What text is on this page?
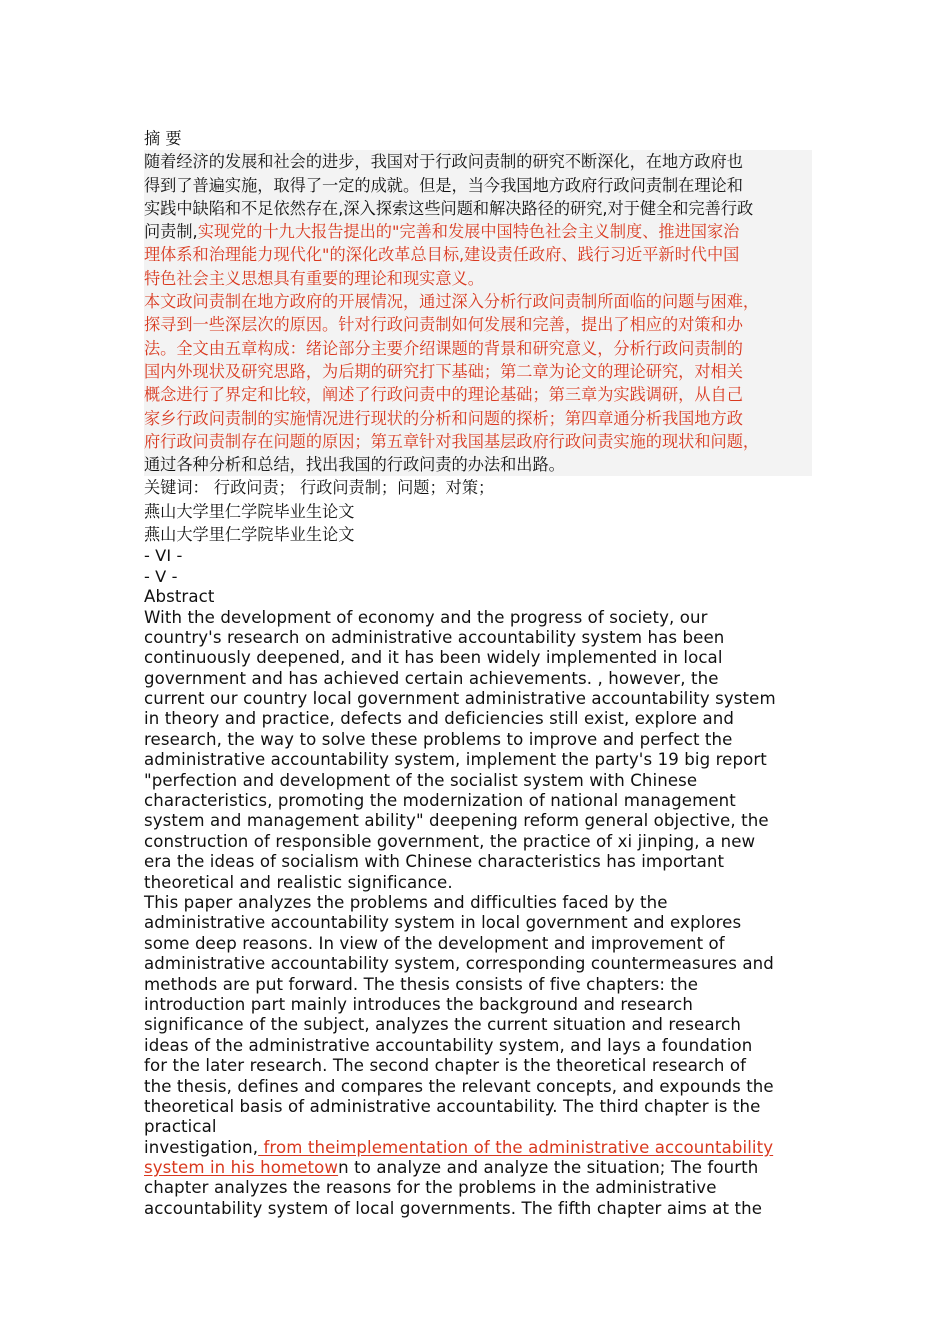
摘 要
随着经济的发展和社会的进步，我国对于行政问责制的研究不断深化，在地方政府也
得到了普遍实施，取得了一定的成就。但是，当今我国地方政府行政问责制在理论和
实践中缺陷和不足依然存在,深入探索这些问题和解决路径的研究,对于健全和完善行政
问责制,实现党的十九大报告提出的"完善和发展中国特色社会主义制度、推进国家治
理体系和治理能力现代化"的深化改革总目标,建设责任政府、践行习近平新时代中国
特色社会主义思想具有重要的理论和现实意义。
本文政问责制在地方政府的开展情况，通过深入分析行政问责制所面临的问题与困难，
探寻到一些深层次的原因。针对行政问责制如何发展和完善，提出了相应的对策和办
法。全文由五章构成：绪论部分主要介绍课题的背景和研究意义，分析行政问责制的
国内外现状及研究思路，为后期的研究打下基础；第二章为论文的理论研究，对相关
概念进行了界定和比较，阐述了行政问责中的理论基础；第三章为实践调研，从自己
家乡行政问责制的实施情况进行现状的分析和问题的探析；第四章通分析我国地方政
府行政问责制存在问题的原因；第五章针对我国基层政府行政问责实施的现状和问题，
通过各种分析和总结，找出我国的行政问责的办法和出路。
关键词： 行政问责； 行政问责制；问题；对策；
燕山大学里仁学院毕业生论文
燕山大学里仁学院毕业生论文
- VI -
- V -
Abstract
With the development of economy and the progress of society, our
country's research on administrative accountability system has been
continuously deepened, and it has been widely implemented in local
government and has achieved certain achievements. , however, the
current our country local government administrative accountability system
in theory and practice, defects and deficiencies still exist, explore and
research, the way to solve these problems to improve and perfect the
administrative accountability system, implement the party's 19 big report
"perfection and development of the socialist system with Chinese
characteristics, promoting the modernization of national management
system and management ability" deepening reform general objective, the
construction of responsible government, the practice of xi jinping, a new
era the ideas of socialism with Chinese characteristics has important
theoretical and realistic significance.
This paper analyzes the problems and difficulties faced by the
administrative accountability system in local government and explores
some deep reasons. In view of the development and improvement of
administrative accountability system, corresponding countermeasures and
methods are put forward. The thesis consists of five chapters: the
introduction part mainly introduces the background and research
significance of the subject, analyzes the current situation and research
ideas of the administrative accountability system, and lays a foundation
for the later research. The second chapter is the theoretical research of
the thesis, defines and compares the relevant concepts, and expounds the
theoretical basis of administrative accountability. The third chapter is the
practical
investigation, from theimplementation of the administrative accountability
system in his hometown to analyze and analyze the situation; The fourth
chapter analyzes the reasons for the problems in the administrative
accountability system of local governments. The fifth chapter aims at the
